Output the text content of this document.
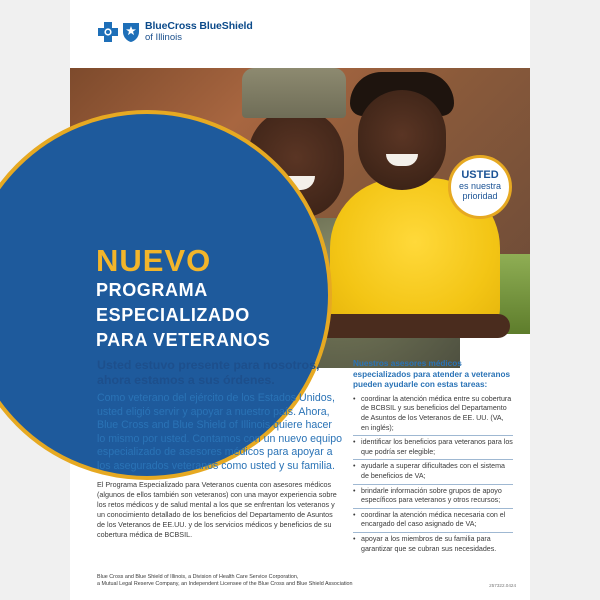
BlueCross BlueShield
of Illinois
NUEVO
PROGRAMA
ESPECIALIZADO
PARA VETERANOS
USTED
es nuestra
prioridad

Usted estuvo presente para nosotros, ahora estamos a sus órdenes.

Como veterano del ejército de los Estados Unidos, usted eligió servir y apoyar a nuestro país. Ahora, Blue Cross and Blue Shield of Illinois quiere hacer lo mismo por usted. Contamos con un nuevo equipo especializado de asesores médicos para apoyar a los asegurados veteranos como usted y su familia.

El Programa Especializado para Veteranos cuenta con asesores médicos (algunos de ellos también son veteranos) con una mayor experiencia sobre los retos médicos y de salud mental a los que se enfrentan los veteranos y un conocimiento detallado de los beneficios del Departamento de Asuntos de los Veteranos de EE.UU. y de los servicios médicos y beneficios de su cobertura médica de BCBSIL.

Nuestros asesores médicos especializados para atender a veteranos pueden ayudarle con estas tareas:

• coordinar la atención médica entre su cobertura de BCBSIL y sus beneficios del Departamento de Asuntos de los Veteranos de EE. UU. (VA, en inglés);
• identificar los beneficios para veteranos para los que podría ser elegible;
• ayudarle a superar dificultades con el sistema de beneficios de VA;
• brindarle información sobre grupos de apoyo específicos para veteranos y otros recursos;
• coordinar la atención médica necesaria con el encargado del caso asignado de VA;
• apoyar a los miembros de su familia para garantizar que se cubran sus necesidades.
Blue Cross and Blue Shield of Illinois, a Division of Health Care Service Corporation,
a Mutual Legal Reserve Company, an Independent Licensee of the Blue Cross and Blue Shield Association	257322.0424
